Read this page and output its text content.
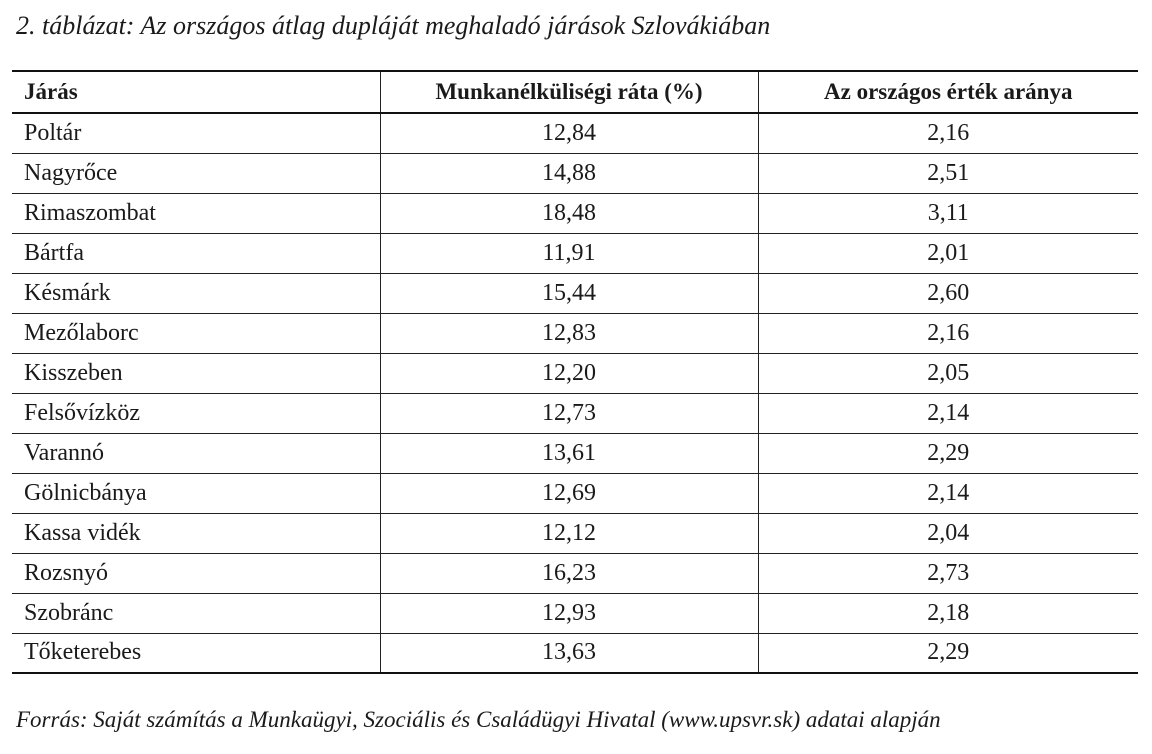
2. táblázat: Az országos átlag dupláját meghaladó járások Szlovákiában
Járás	Munkanélküliségi ráta (%)	Az országos érték aránya
Poltár	12,84	2,16
Nagyrőce	14,88	2,51
Rimaszombat	18,48	3,11
Bártfa	11,91	2,01
Késmárk	15,44	2,60
Mezőlaborc	12,83	2,16
Kisszeben	12,20	2,05
Felsővízköz	12,73	2,14
Varannó	13,61	2,29
Gölnicbánya	12,69	2,14
Kassa vidék	12,12	2,04
Rozsnyó	16,23	2,73
Szobránc	12,93	2,18
Tőketerebes	13,63	2,29
Forrás: Saját számítás a Munkaügyi, Szociális és Családügyi Hivatal (www.upsvr.sk) adatai alapján
